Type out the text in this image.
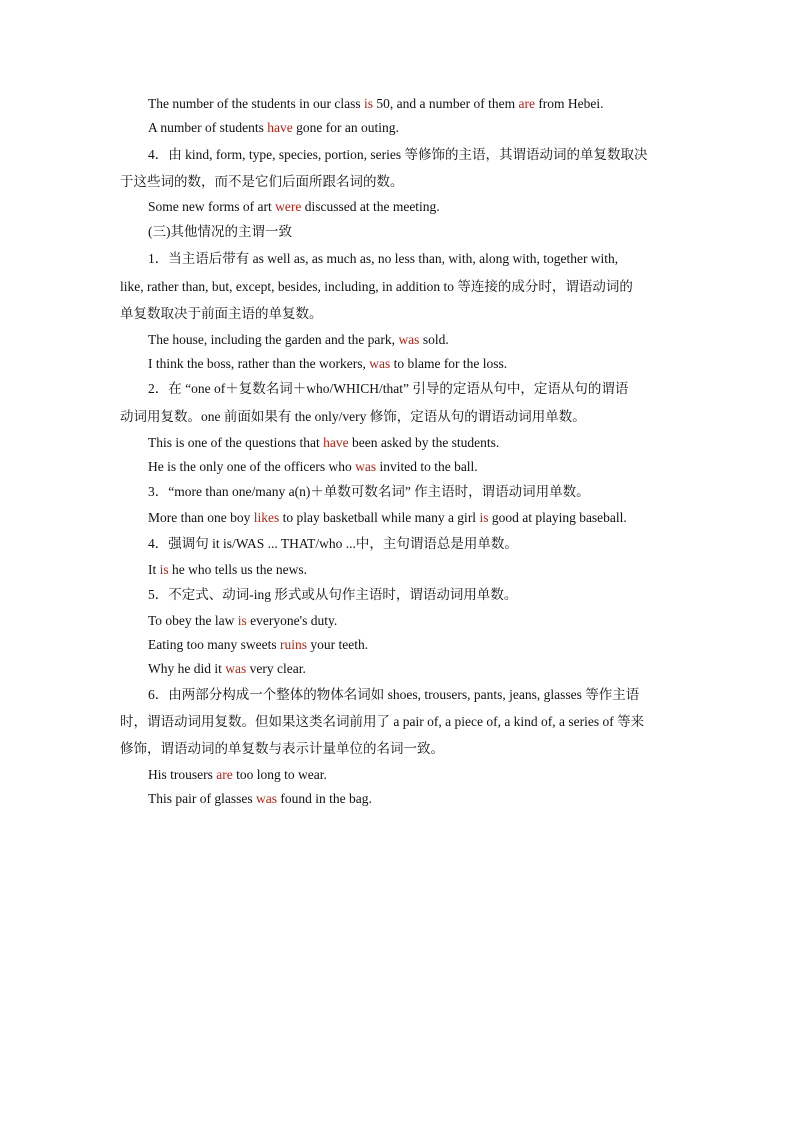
The number of the students in our class is 50, and a number of them are from Hebei.
A number of students have gone for an outing.
4．由 kind, form, type, species, portion, series 等修饰的主语，其谓语动词的单复数取决
于这些词的数，而不是它们后面所跟名词的数。
Some new forms of art were discussed at the meeting.
(三)其他情况的主谓一致
1．当主语后带有 as well as, as much as, no less than, with, along with, together with,
like, rather than, but, except, besides, including, in addition to 等连接的成分时，谓语动词的
单复数取决于前面主语的单复数。
The house, including the garden and the park, was sold.
I think the boss, rather than the workers, was to blame for the loss.
2．在 “one of＋复数名词＋who/WHICH/that” 引导的定语从句中，定语从句的谓语
动词用复数。one 前面如果有 the only/very 修饰，定语从句的谓语动词用单数。
This is one of the questions that have been asked by the students.
He is the only one of the officers who was invited to the ball.
3．“more than one/many a(n)＋单数可数名词” 作主语时，谓语动词用单数。
More than one boy likes to play basketball while many a girl is good at playing baseball.
4．强调句 it is/WAS ... THAT/who ...中，主句谓语总是用单数。
It is he who tells us the news.
5．不定式、动词-ing 形式或从句作主语时，谓语动词用单数。
To obey the law is everyone's duty.
Eating too many sweets ruins your teeth.
Why he did it was very clear.
6．由两部分构成一个整体的物体名词如 shoes, trousers, pants, jeans, glasses 等作主语
时，谓语动词用复数。但如果这类名词前用了 a pair of, a piece of, a kind of, a series of 等来
修饰，谓语动词的单复数与表示计量单位的名词一致。
His trousers are too long to wear.
This pair of glasses was found in the bag.
